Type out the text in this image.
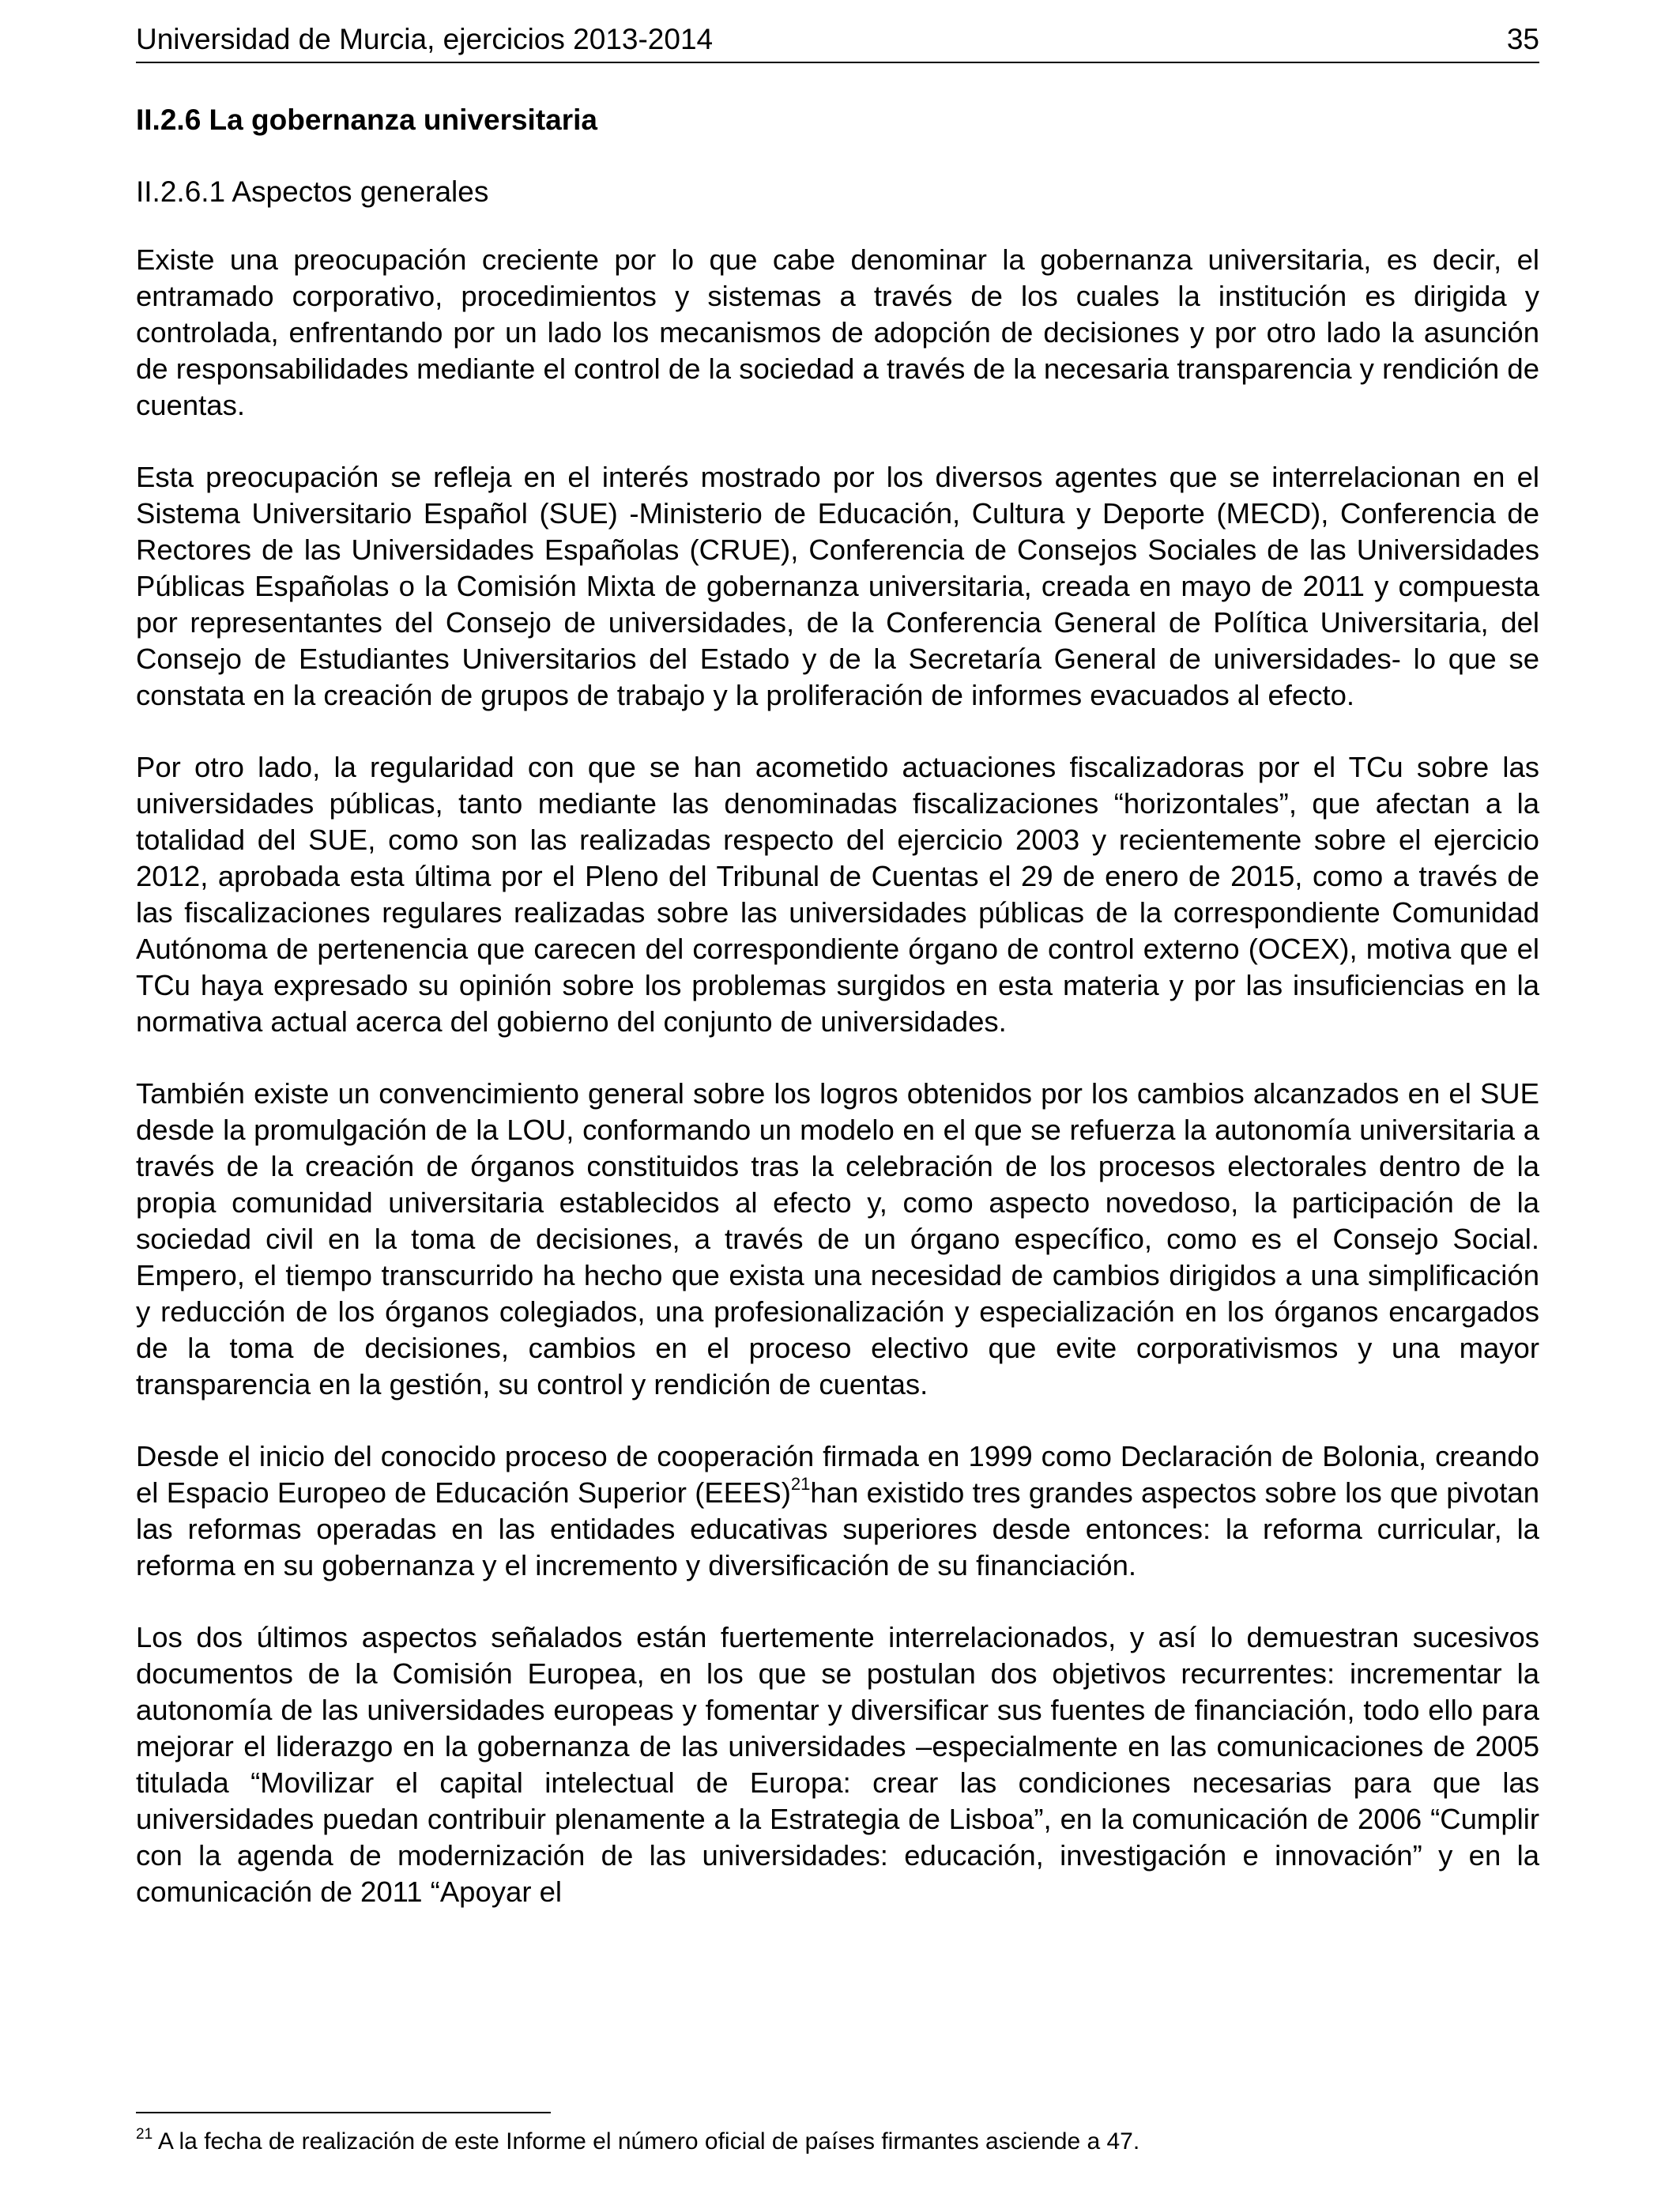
Universidad de Murcia, ejercicios 2013-2014	35
II.2.6 La gobernanza universitaria
II.2.6.1 Aspectos generales

Existe una preocupación creciente por lo que cabe denominar la gobernanza universitaria, es decir, el entramado corporativo, procedimientos y sistemas a través de los cuales la institución es dirigida y controlada, enfrentando por un lado los mecanismos de adopción de decisiones y por otro lado la asunción de responsabilidades mediante el control de la sociedad a través de la necesaria transparencia y rendición de cuentas.

Esta preocupación se refleja en el interés mostrado por los diversos agentes que se interrelacionan en el Sistema Universitario Español (SUE) -Ministerio de Educación, Cultura y Deporte (MECD), Conferencia de Rectores de las Universidades Españolas (CRUE), Conferencia de Consejos Sociales de las Universidades Públicas Españolas o la Comisión Mixta de gobernanza universitaria, creada en mayo de 2011 y compuesta por representantes del Consejo de universidades, de la Conferencia General de Política Universitaria, del Consejo de Estudiantes Universitarios del Estado y de la Secretaría General de universidades- lo que se constata en la creación de grupos de trabajo y la proliferación de informes evacuados al efecto.

Por otro lado, la regularidad con que se han acometido actuaciones fiscalizadoras por el TCu sobre las universidades públicas, tanto mediante las denominadas fiscalizaciones “horizontales”, que afectan a la totalidad del SUE, como son las realizadas respecto del ejercicio 2003 y recientemente sobre el ejercicio 2012, aprobada esta última por el Pleno del Tribunal de Cuentas el 29 de enero de 2015, como a través de las fiscalizaciones regulares realizadas sobre las universidades públicas de la correspondiente Comunidad Autónoma de pertenencia que carecen del correspondiente órgano de control externo (OCEX), motiva que el TCu haya expresado su opinión sobre los problemas surgidos en esta materia y por las insuficiencias en la normativa actual acerca del gobierno del conjunto de universidades.

También existe un convencimiento general sobre los logros obtenidos por los cambios alcanzados en el SUE desde la promulgación de la LOU, conformando un modelo en el que se refuerza la autonomía universitaria a través de la creación de órganos constituidos tras la celebración de los procesos electorales dentro de la propia comunidad universitaria establecidos al efecto y, como aspecto novedoso, la participación de la sociedad civil en la toma de decisiones, a través de un órgano específico, como es el Consejo Social. Empero, el tiempo transcurrido ha hecho que exista una necesidad de cambios dirigidos a una simplificación y reducción de los órganos colegiados, una profesionalización y especialización en los órganos encargados de la toma de decisiones, cambios en el proceso electivo que evite corporativismos y una mayor transparencia en la gestión, su control y rendición de cuentas.

Desde el inicio del conocido proceso de cooperación firmada en 1999 como Declaración de Bolonia, creando el Espacio Europeo de Educación Superior (EEES)$^{21}$han existido tres grandes aspectos sobre los que pivotan las reformas operadas en las entidades educativas superiores desde entonces: la reforma curricular, la reforma en su gobernanza y el incremento y diversificación de su financiación.

Los dos últimos aspectos señalados están fuertemente interrelacionados, y así lo demuestran sucesivos documentos de la Comisión Europea, en los que se postulan dos objetivos recurrentes: incrementar la autonomía de las universidades europeas y fomentar y diversificar sus fuentes de financiación, todo ello para mejorar el liderazgo en la gobernanza de las universidades –especialmente en las comunicaciones de 2005 titulada “Movilizar el capital intelectual de Europa: crear las condiciones necesarias para que las universidades puedan contribuir plenamente a la Estrategia de Lisboa”, en la comunicación de 2006 “Cumplir con la agenda de modernización de las universidades: educación, investigación e innovación” y en la comunicación de 2011 “Apoyar el

$^{21}$ A la fecha de realización de este Informe el número oficial de países firmantes asciende a 47.
